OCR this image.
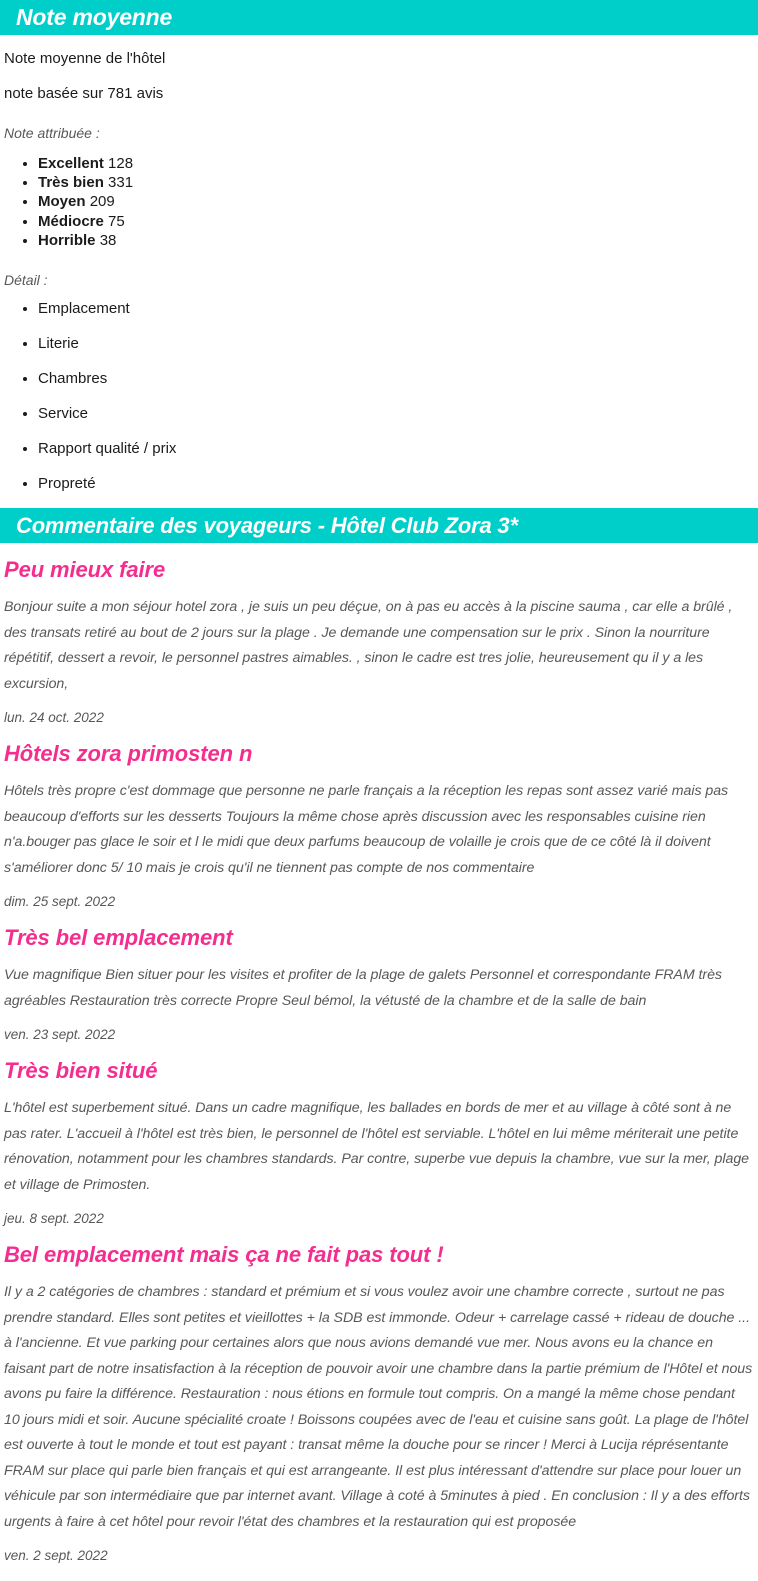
Note moyenne

Note moyenne de l'hôtel

note basée sur 781 avis

Note attribuée :

• Excellent 128
• Très bien 331
• Moyen 209
• Médiocre 75
• Horrible 38

Détail :

• Emplacement
• Literie
• Chambres
• Service
• Rapport qualité / prix
• Propreté
Commentaire des voyageurs - Hôtel Club Zora 3*

Peu mieux faire

Bonjour suite a mon séjour hotel zora , je suis un peu déçue, on à pas eu accès à la piscine sauma , car elle a brûlé , des transats retiré au bout de 2 jours sur la plage . Je demande une compensation sur le prix . Sinon la nourriture répétitif, dessert a revoir, le personnel pastres aimables. , sinon le cadre est tres jolie, heureusement qu il y a les excursion,

lun. 24 oct. 2022

Hôtels zora primosten n

Hôtels très propre c'est dommage que personne ne parle français a la réception les repas sont assez varié mais pas beaucoup d'efforts sur les desserts Toujours la même chose après discussion avec les responsables cuisine rien n'a.bouger pas glace le soir et l le midi que deux parfums beaucoup de volaille je crois que de ce côté là il doivent s'améliorer donc 5/ 10 mais je crois qu'il ne tiennent pas compte de nos commentaire

dim. 25 sept. 2022

Très bel emplacement

Vue magnifique Bien situer pour les visites et profiter de la plage de galets Personnel et correspondante FRAM très agréables Restauration très correcte Propre Seul bémol, la vétusté de la chambre et de la salle de bain

ven. 23 sept. 2022

Très bien situé

L'hôtel est superbement situé. Dans un cadre magnifique, les ballades en bords de mer et au village à côté sont à ne pas rater. L'accueil à l'hôtel est très bien, le personnel de l'hôtel est serviable. L'hôtel en lui même mériterait une petite rénovation, notamment pour les chambres standards. Par contre, superbe vue depuis la chambre, vue sur la mer, plage et village de Primosten.

jeu. 8 sept. 2022

Bel emplacement mais ça ne fait pas tout !

Il y a 2 catégories de chambres : standard et prémium et si vous voulez avoir une chambre correcte , surtout ne pas prendre standard. Elles sont petites et vieillottes + la SDB est immonde. Odeur + carrelage cassé + rideau de douche ... à l'ancienne. Et vue parking pour certaines alors que nous avions demandé vue mer. Nous avons eu la chance en faisant part de notre insatisfaction à la réception de pouvoir avoir une chambre dans la partie prémium de l'Hôtel et nous avons pu faire la différence. Restauration : nous étions en formule tout compris. On a mangé la même chose pendant 10 jours midi et soir. Aucune spécialité croate ! Boissons coupées avec de l'eau et cuisine sans goût. La plage de l'hôtel est ouverte à tout le monde et tout est payant : transat même la douche pour se rincer ! Merci à Lucija réprésentante FRAM sur place qui parle bien français et qui est arrangeante. Il est plus intéressant d'attendre sur place pour louer un véhicule par son intermédiaire que par internet avant. Village à coté à 5minutes à pied . En conclusion : Il y a des efforts urgents à faire à cet hôtel pour revoir l'état des chambres et la restauration qui est proposée

ven. 2 sept. 2022
